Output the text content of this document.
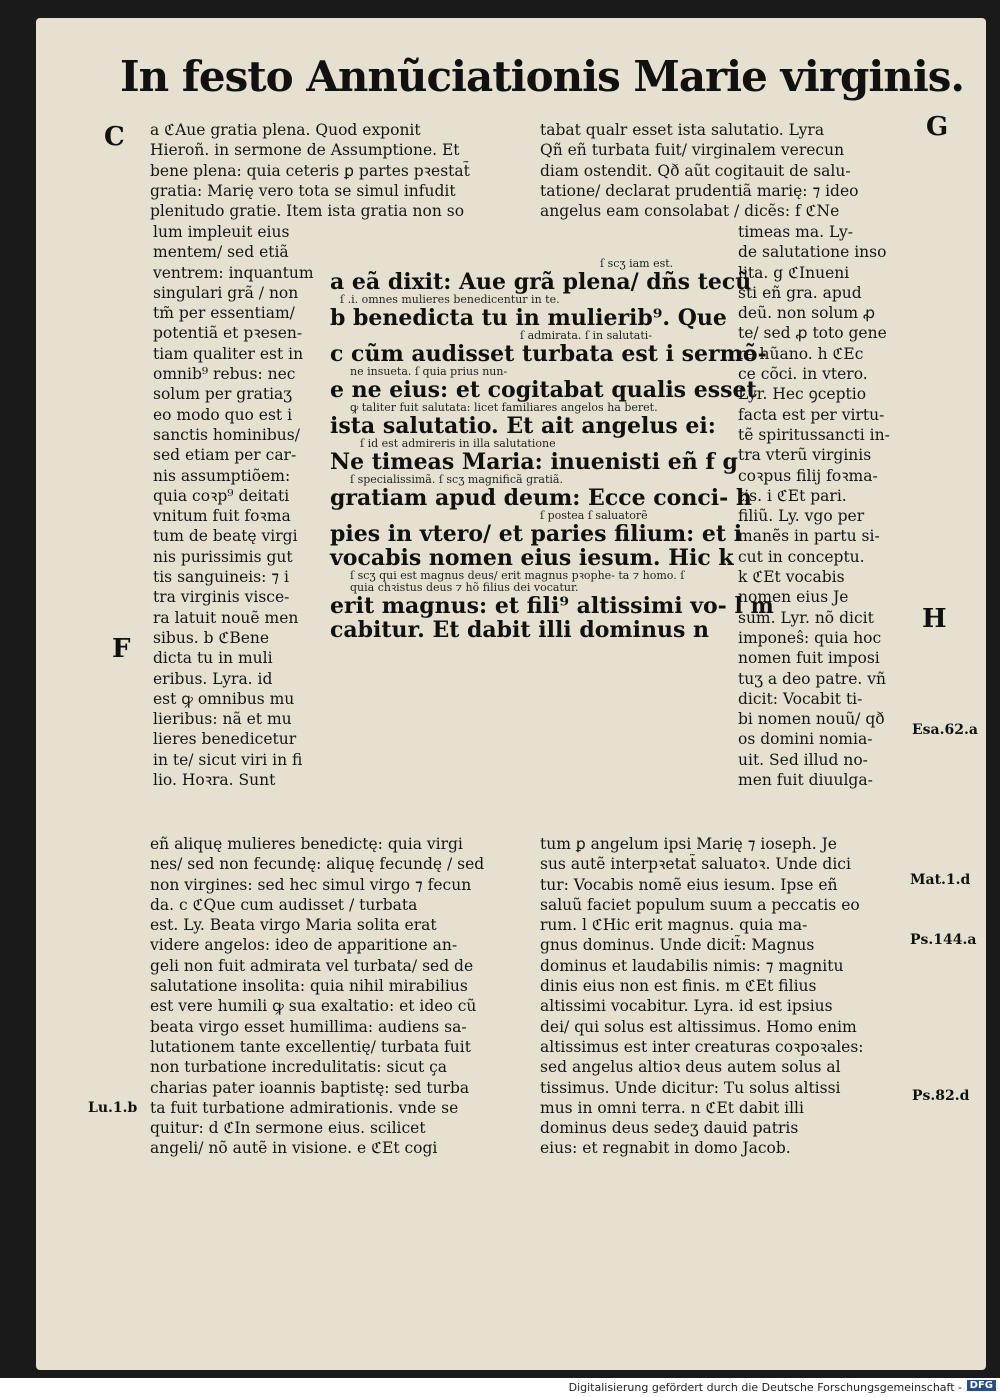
In festo Annũciationis Marie virginis.
C
F
G
H
Esa.62.a
Mat.1.d
Ps.144.a
Ps.82.d
Lu.1.b
a ℭAue gratia plena. Quod exponit
Hieroñ. in sermone de Assumptione. Et
bene plena: quia ceteris ꝑ partes pꝛestat̃
gratia: Marię vero tota se simul infudit
plenitudo gratie. Item ista gratia non so
lum impleuit eius
mentem/ sed etiã
ventrem: inquantum
singulari grã / non
tm̃ per essentiam/
potentiã et pꝛesen-
tiam qualiter est in
omnib⁹ rebus: nec
solum per gratiaʒ
eo modo quo est i
sanctis hominibus/
sed etiam per car-
nis assumptiõem:
quia coꝛp⁹ deitati
vnitum fuit foꝛma
tum de beatę virgi
nis purissimis gut
tis sanguineis: ⁊ i
tra virginis visce-
ra latuit nouẽ men
sibus. b ℭBene
dicta tu in muli
eribus. Lyra. id
est ꝙ omnibus mu
lieribus: nã et mu
lieres benedicetur
in te/ sicut viri in fi
lio. Hoꝛra. Sunt
eñ aliquę mulieres benedictę: quia virgi
nes/ sed non fecundę: aliquę fecundę / sed
non virgines: sed hec simul virgo ⁊ fecun
da. c ℭQue cum audisset / turbata
est. Ly. Beata virgo Maria solita erat
videre angelos: ideo de apparitione an-
geli non fuit admirata vel turbata/ sed de
salutatione insolita: quia nihil mirabilius
est vere humili ꝙ sua exaltatio: et ideo cũ
beata virgo esset humillima: audiens sa-
lutationem tante excellentię/ turbata fuit
non turbatione incredulitatis: sicut ça
charias pater ioannis baptistę: sed turba
ta fuit turbatione admirationis. vnde se
quitur: d ℭIn sermone eius. scilicet
angeli/ nõ autẽ in visione. e ℭEt cogi
tabat qualr esset ista salutatio. Lyra
Qñ eñ turbata fuit/ virginalem verecun
diam ostendit. Qð aũt cogitauit de salu-
tatione/ declarat prudentiã marię: ⁊ ideo
angelus eam consolabat / dicẽs: f ℭNe
timeas ma. Ly-
de salutatione inso
lita. g ℭInueni
sti eñ gra. apud
deũ. non solum ꝓ
te/ sed ꝓ toto gene
re hũano. h ℭEc
ce cõci. in vtero.
Lyr. Hec ꝯceptio
facta est per virtu-
tẽ spiritussancti in-
tra vterũ virginis
coꝛpus filij foꝛma-
tis. i ℭEt pari.
filiũ. Ly. vgo per
manẽs in partu si-
cut in conceptu.
k ℭEt vocabis
nomen eius Je
sum. Lyr. nõ dicit
imponeŝ: quia hoc
nomen fuit imposi
tuʒ a deo patre. vñ
dicit: Vocabit ti-
bi nomen nouũ/ qð
os domini nomia-
uit. Sed illud no-
men fuit diuulga-
tum ꝑ angelum ipsi Marię ⁊ ioseph. Je
sus autẽ interpꝛetat̃ saluatoꝛ. Unde dici
tur: Vocabis nomẽ eius iesum. Ipse eñ
saluũ faciet populum suum a peccatis eo
rum. l ℭHic erit magnus. quia ma-
gnus dominus. Unde dicit̃: Magnus
dominus et laudabilis nimis: ⁊ magnitu
dinis eius non est finis. m ℭEt filius
altissimi vocabitur. Lyra. id est ipsius
dei/ qui solus est altissimus. Homo enim
altissimus est inter creaturas coꝛpoꝛales:
sed angelus altioꝛ deus autem solus al
tissimus. Unde dicitur: Tu solus altissi
mus in omni terra. n ℭEt dabit illi
dominus deus sedeʒ dauid patris
eius: et regnabit in domo Jacob.
ſ scʒ iam est.
a eã dixit: Aue grã plena/ dñs tecũ
ſ .i. omnes mulieres benedicentur in te.
b benedicta tu in mulierib⁹. Que
ſ admirata. ſ in salutati-
c cũm audisset turbata est i sermõ-
ne insueta. ſ quia prius nun-
e ne eius: et cogitabat qualis esset
ꝙ taliter fuit salutata: licet familiares angelos ha beret.
ista salutatio. Et ait angelus ei:
ſ id est admireris in illa salutatione
Ne timeas Maria: inuenisti eñ f g
ſ specialissimã. ſ scʒ magnificã gratiã.
gratiam apud deum: Ecce conci- h
ſ postea ſ saluatorẽ
pies in vtero/ et paries filium: et i
vocabis nomen eius iesum. Hic k
ſ scʒ qui est magnus deus/ erit magnus pꝛophe- ta ⁊ homo. ſ quia chꝛistus deus ⁊ hõ filius dei vocatur.
erit magnus: et fili⁹ altissimi vo- l m
cabitur. Et dabit illi dominus n
Digitalisierung gefördert durch die Deutsche Forschungsgemeinschaft - DFG
